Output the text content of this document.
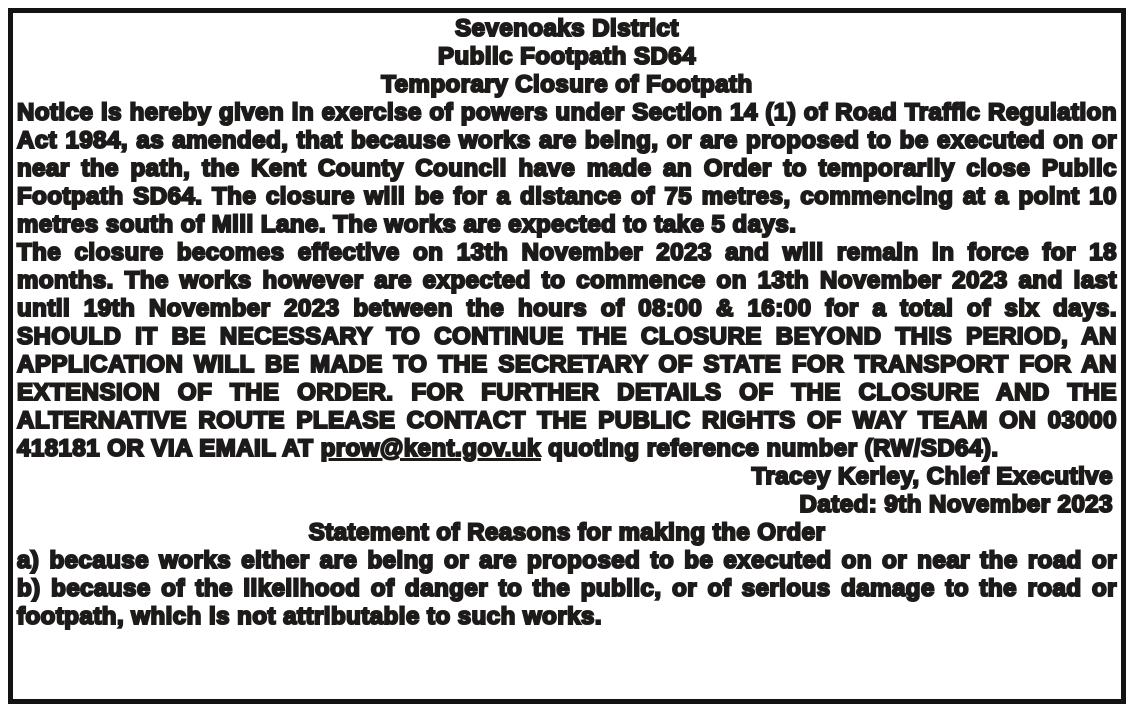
Sevenoaks District
Public Footpath SD64
Temporary Closure of Footpath
Notice is hereby given in exercise of powers under Section 14 (1) of Road Traffic Regulation Act 1984, as amended, that because works are being, or are proposed to be executed on or near the path, the Kent County Council have made an Order to temporarily close Public Footpath SD64. The closure will be for a distance of 75 metres, commencing at a point 10 metres south of Mill Lane. The works are expected to take 5 days.
The closure becomes effective on 13th November 2023 and will remain in force for 18 months. The works however are expected to commence on 13th November 2023 and last until 19th November 2023 between the hours of 08:00 & 16:00 for a total of six days. SHOULD IT BE NECESSARY TO CONTINUE THE CLOSURE BEYOND THIS PERIOD, AN APPLICATION WILL BE MADE TO THE SECRETARY OF STATE FOR TRANSPORT FOR AN EXTENSION OF THE ORDER. FOR FURTHER DETAILS OF THE CLOSURE AND THE ALTERNATIVE ROUTE PLEASE CONTACT THE PUBLIC RIGHTS OF WAY TEAM ON 03000 418181 OR VIA EMAIL AT prow@kent.gov.uk quoting reference number (RW/SD64).
Tracey Kerley, Chief Executive
Dated: 9th November 2023
Statement of Reasons for making the Order
a) because works either are being or are proposed to be executed on or near the road or
b) because of the likelihood of danger to the public, or of serious damage to the road or footpath, which is not attributable to such works.
